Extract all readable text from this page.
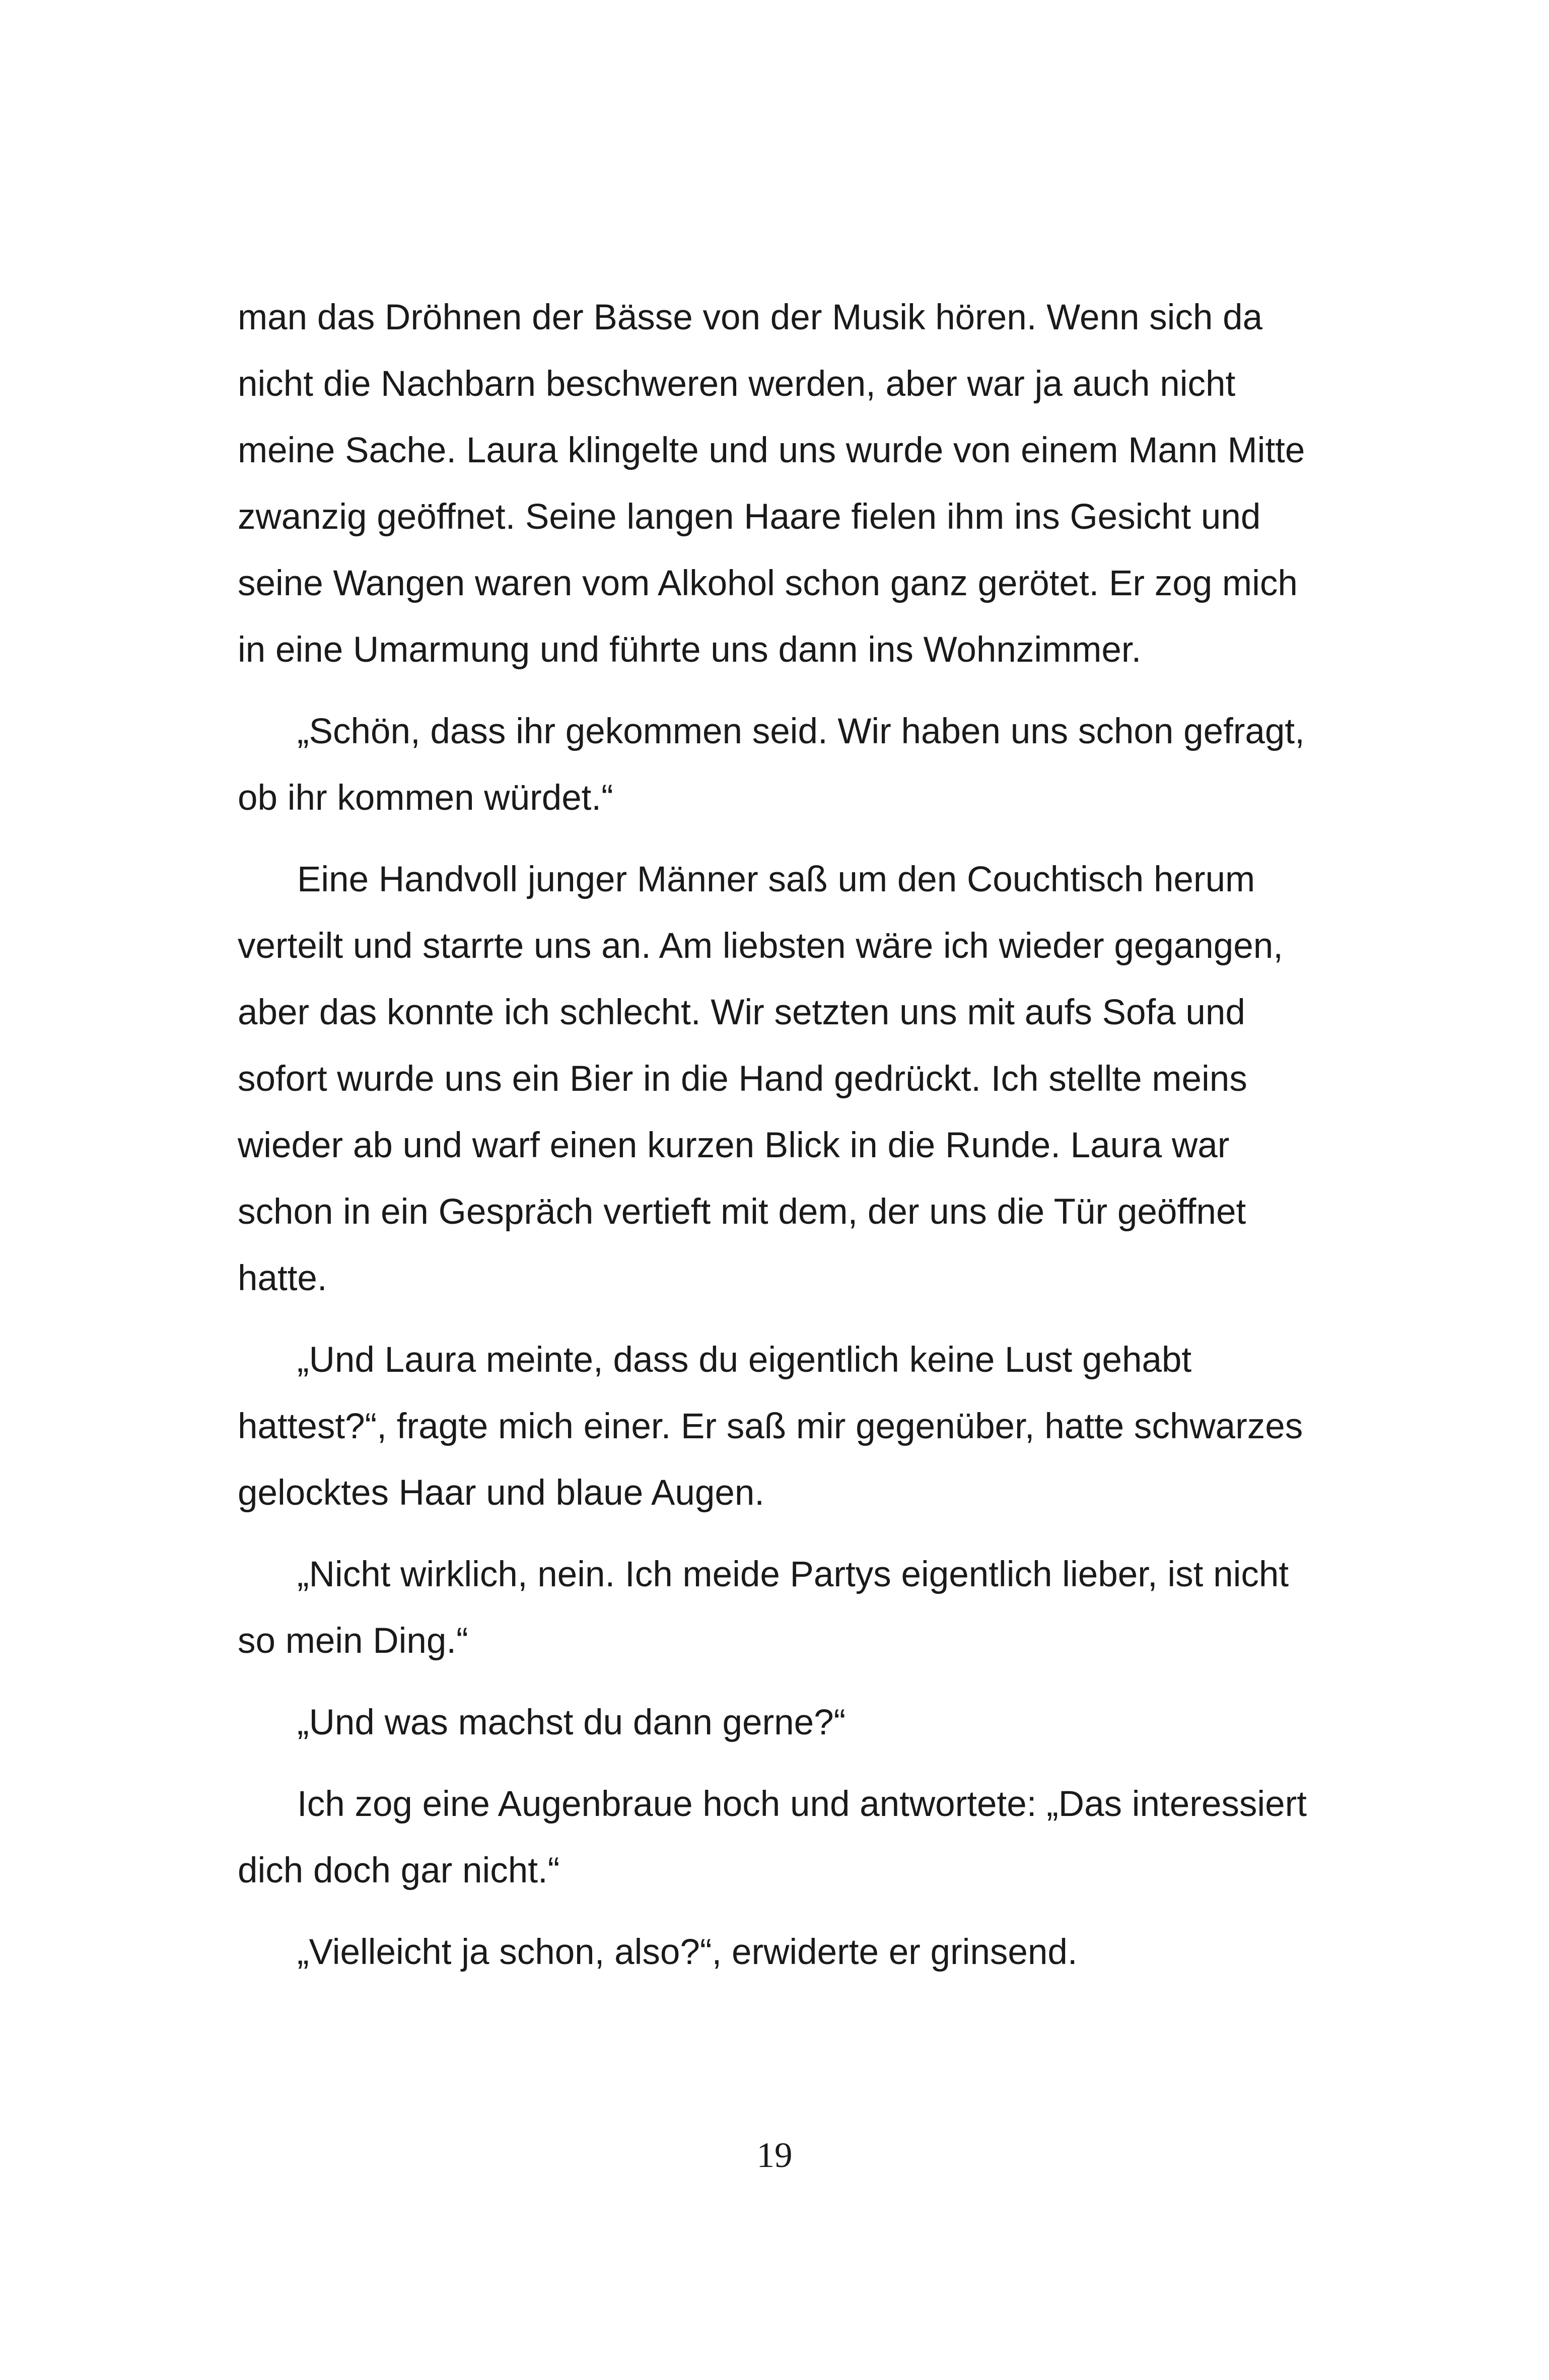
man das Dröhnen der Bässe von der Musik hören. Wenn sich da nicht die Nachbarn beschweren werden, aber war ja auch nicht meine Sache. Laura klingelte und uns wurde von einem Mann Mitte zwanzig geöffnet. Seine langen Haare fielen ihm ins Gesicht und seine Wangen waren vom Alkohol schon ganz gerötet. Er zog mich in eine Umarmung und führte uns dann ins Wohnzimmer.

„Schön, dass ihr gekommen seid. Wir haben uns schon gefragt, ob ihr kommen würdet.“

Eine Handvoll junger Männer saß um den Couchtisch herum verteilt und starrte uns an. Am liebsten wäre ich wieder gegangen, aber das konnte ich schlecht. Wir setzten uns mit aufs Sofa und sofort wurde uns ein Bier in die Hand gedrückt. Ich stellte meins wieder ab und warf einen kurzen Blick in die Runde. Laura war schon in ein Gespräch vertieft mit dem, der uns die Tür geöffnet hatte.

„Und Laura meinte, dass du eigentlich keine Lust gehabt hattest?“, fragte mich einer. Er saß mir gegenüber, hatte schwarzes gelocktes Haar und blaue Augen.

„Nicht wirklich, nein. Ich meide Partys eigentlich lieber, ist nicht so mein Ding.“

„Und was machst du dann gerne?“

Ich zog eine Augenbraue hoch und antwortete: „Das interessiert dich doch gar nicht.“

„Vielleicht ja schon, also?“, erwiderte er grinsend.

19
